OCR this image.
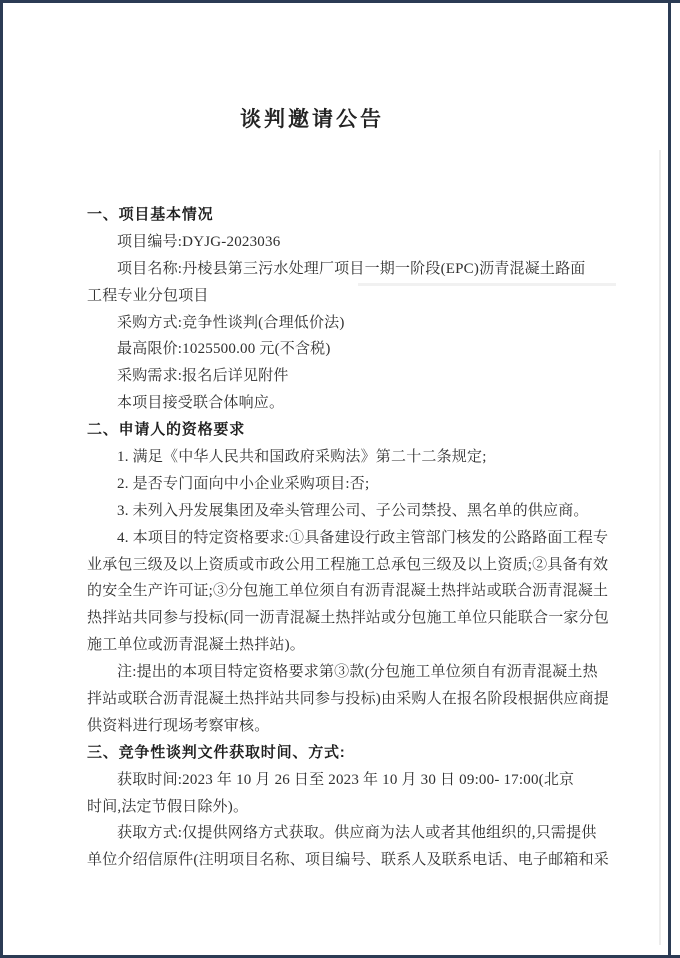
谈判邀请公告
一、项目基本情况
项目编号:DYJG-2023036
项目名称:丹棱县第三污水处理厂项目一期一阶段(EPC)沥青混凝土路面
工程专业分包项目
采购方式:竞争性谈判(合理低价法)
最高限价:1025500.00 元(不含税)
采购需求:报名后详见附件
本项目接受联合体响应。
二、申请人的资格要求
1. 满足《中华人民共和国政府采购法》第二十二条规定;
2. 是否专门面向中小企业采购项目:否;
3. 未列入丹发展集团及牵头管理公司、子公司禁投、黑名单的供应商。
4. 本项目的特定资格要求:①具备建设行政主管部门核发的公路路面工程专
业承包三级及以上资质或市政公用工程施工总承包三级及以上资质;②具备有效
的安全生产许可证;③分包施工单位须自有沥青混凝土热拌站或联合沥青混凝土
热拌站共同参与投标(同一沥青混凝土热拌站或分包施工单位只能联合一家分包
施工单位或沥青混凝土热拌站)。
注:提出的本项目特定资格要求第③款(分包施工单位须自有沥青混凝土热
拌站或联合沥青混凝土热拌站共同参与投标)由采购人在报名阶段根据供应商提
供资料进行现场考察审核。
三、竞争性谈判文件获取时间、方式:
获取时间:2023 年 10 月 26 日至 2023 年 10 月 30 日 09:00- 17:00(北京
时间,法定节假日除外)。
获取方式:仅提供网络方式获取。供应商为法人或者其他组织的,只需提供
单位介绍信原件(注明项目名称、项目编号、联系人及联系电话、电子邮箱和采
